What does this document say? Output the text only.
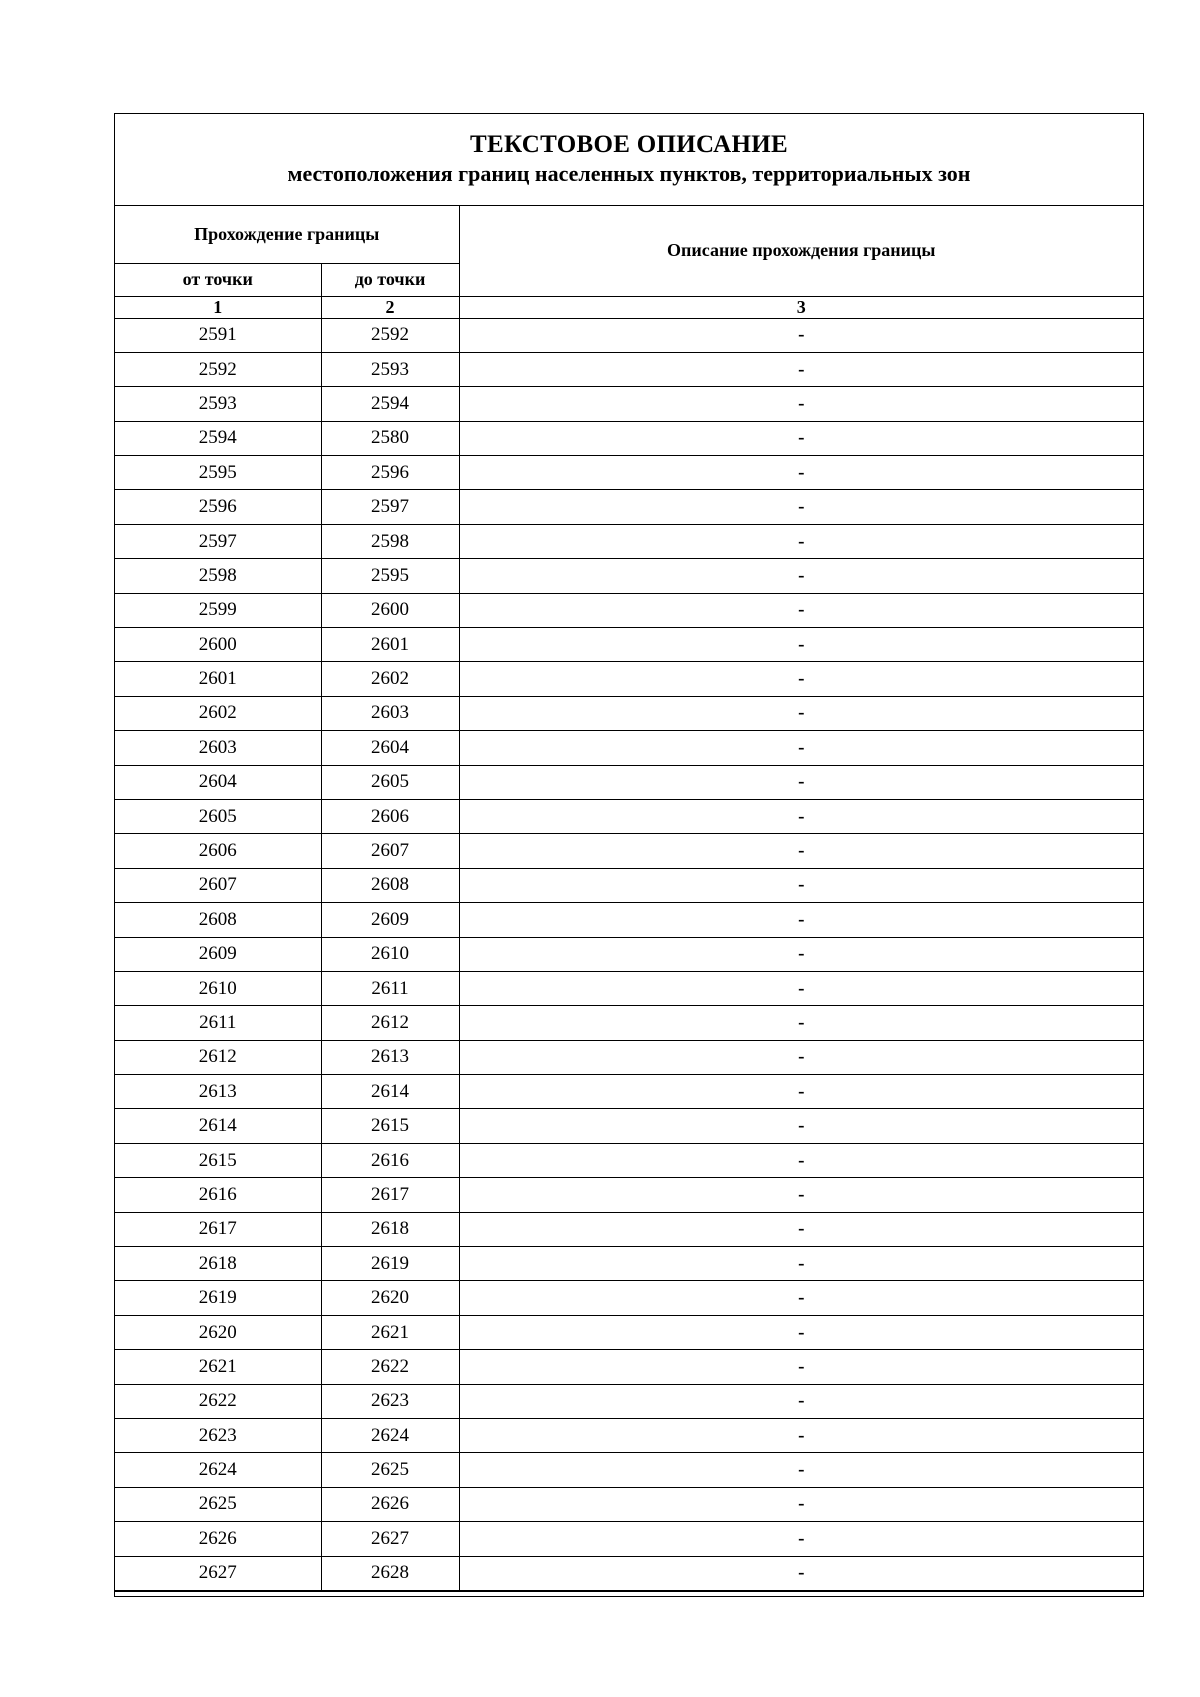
ТЕКСТОВОЕ ОПИСАНИЕ
местоположения границ населенных пунктов, территориальных зон
Прохождение границы		Описание прохождения границы
от точки	до точки	
1	2	3
2591	2592	-
2592	2593	-
2593	2594	-
2594	2580	-
2595	2596	-
2596	2597	-
2597	2598	-
2598	2595	-
2599	2600	-
2600	2601	-
2601	2602	-
2602	2603	-
2603	2604	-
2604	2605	-
2605	2606	-
2606	2607	-
2607	2608	-
2608	2609	-
2609	2610	-
2610	2611	-
2611	2612	-
2612	2613	-
2613	2614	-
2614	2615	-
2615	2616	-
2616	2617	-
2617	2618	-
2618	2619	-
2619	2620	-
2620	2621	-
2621	2622	-
2622	2623	-
2623	2624	-
2624	2625	-
2625	2626	-
2626	2627	-
2627	2628	-
